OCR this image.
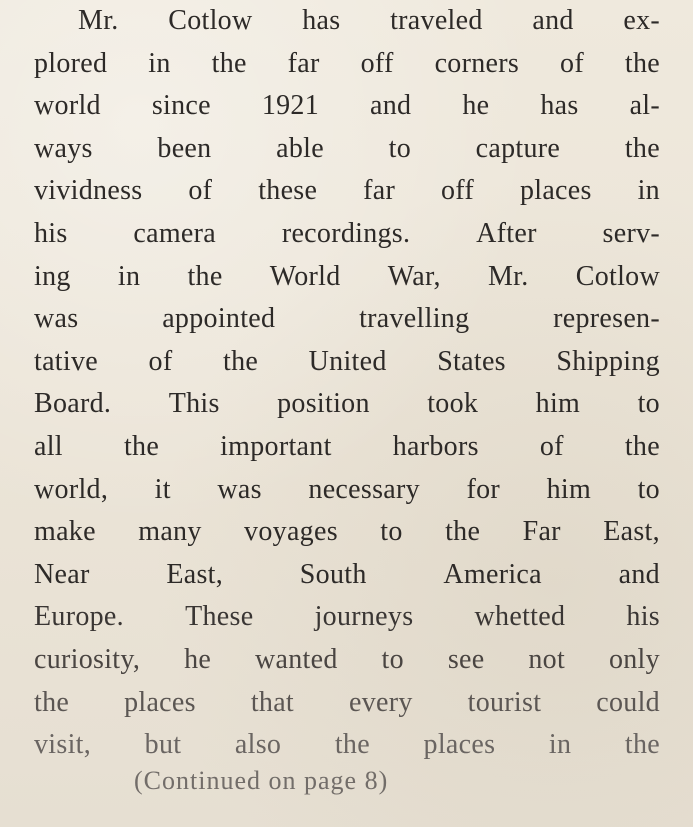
Mr. Cotlow has traveled and ex-
plored in the far off corners of the
world since 1921 and he has al-
ways been able to capture the
vividness of these far off places in
his camera recordings. After serv-
ing in the World War, Mr. Cotlow
was	appointed	travelling	represen-
tative of the United States Shipping
Board. This position took him to
all the important harbors of the
world, it was necessary for him to
make many voyages to the Far East,
Near	East,	South	America	and
Europe. These journeys whetted his
curiosity, he wanted to see not only
the places that every tourist could
visit, but also the places in the
(Continued on page 8)
